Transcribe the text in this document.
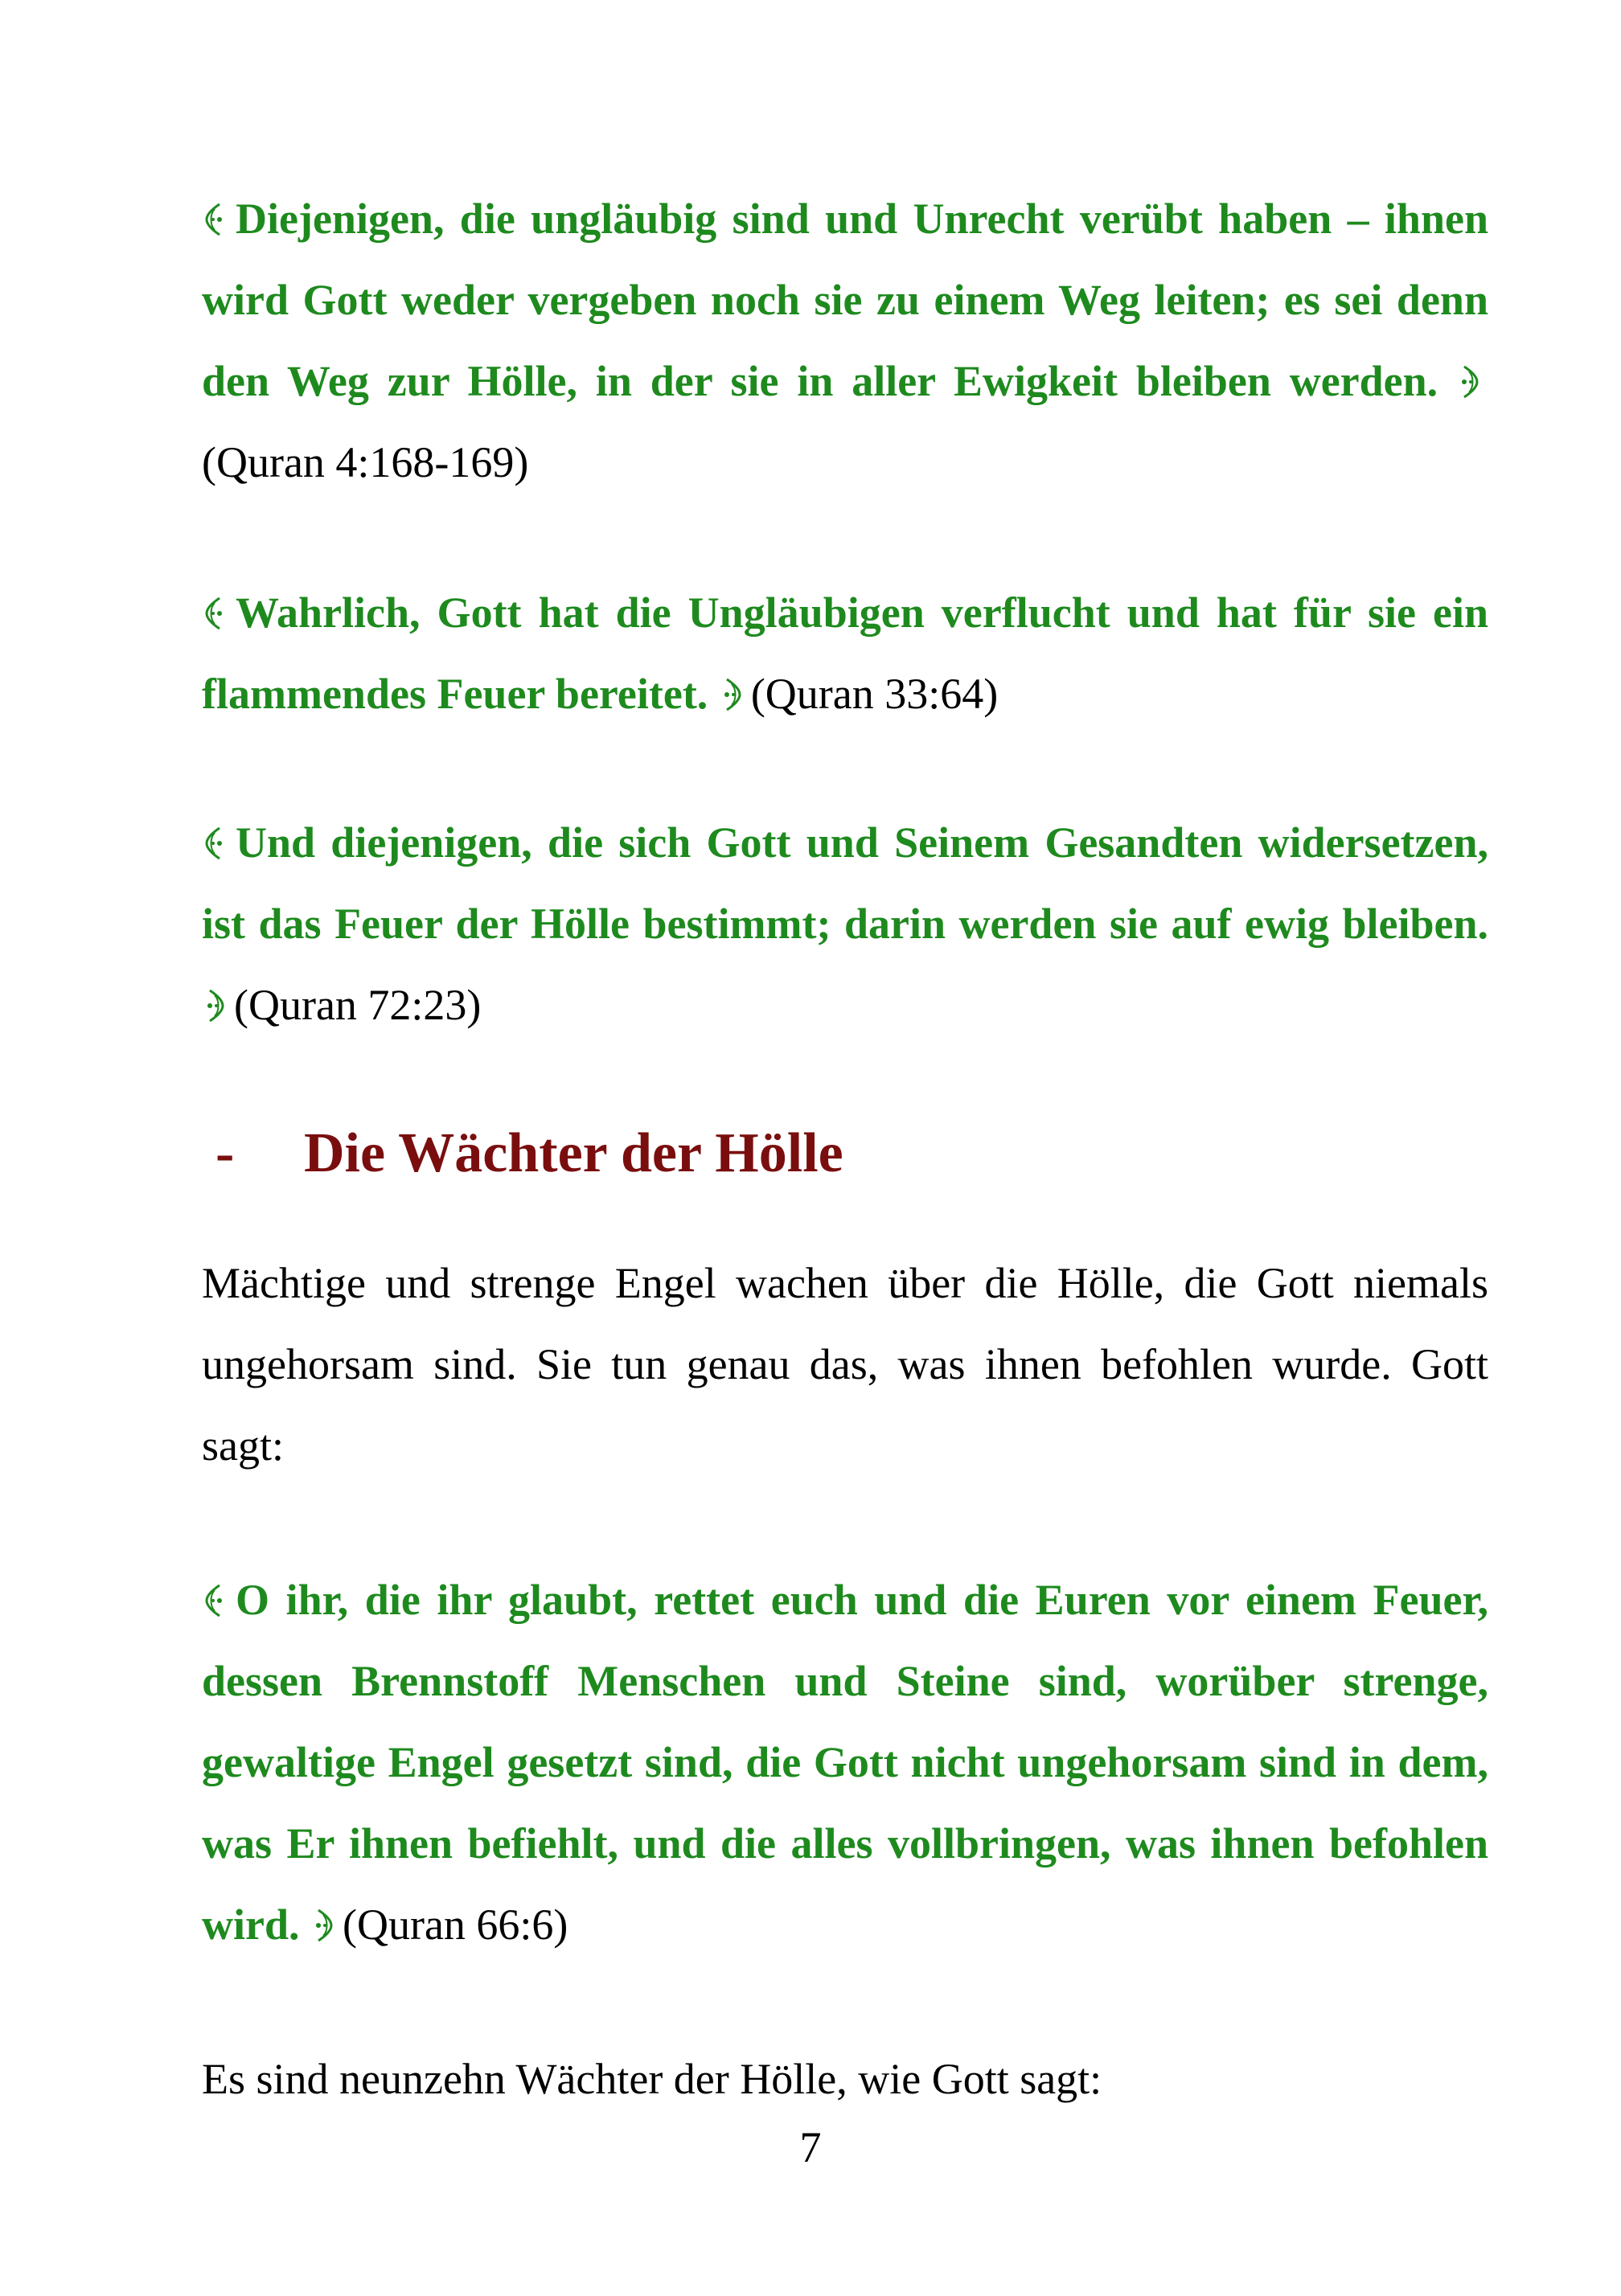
Diejenigen, die ungläubig sind und Unrecht verübt haben – ihnen wird Gott weder vergeben noch sie zu einem Weg leiten; es sei denn den Weg zur Hölle, in der sie in aller Ewigkeit bleiben werden. (Quran 4:168-169)
Wahrlich, Gott hat die Ungläubigen verflucht und hat für sie ein flammendes Feuer bereitet. (Quran 33:64)
Und diejenigen, die sich Gott und Seinem Gesandten widersetzen, ist das Feuer der Hölle bestimmt; darin werden sie auf ewig bleiben. (Quran 72:23)
- Die Wächter der Hölle
Mächtige und strenge Engel wachen über die Hölle, die Gott niemals ungehorsam sind. Sie tun genau das, was ihnen befohlen wurde. Gott sagt:
O ihr, die ihr glaubt, rettet euch und die Euren vor einem Feuer, dessen Brennstoff Menschen und Steine sind, worüber strenge, gewaltige Engel gesetzt sind, die Gott nicht ungehorsam sind in dem, was Er ihnen befiehlt, und die alles vollbringen, was ihnen befohlen wird. (Quran 66:6)
Es sind neunzehn Wächter der Hölle, wie Gott sagt:
7
